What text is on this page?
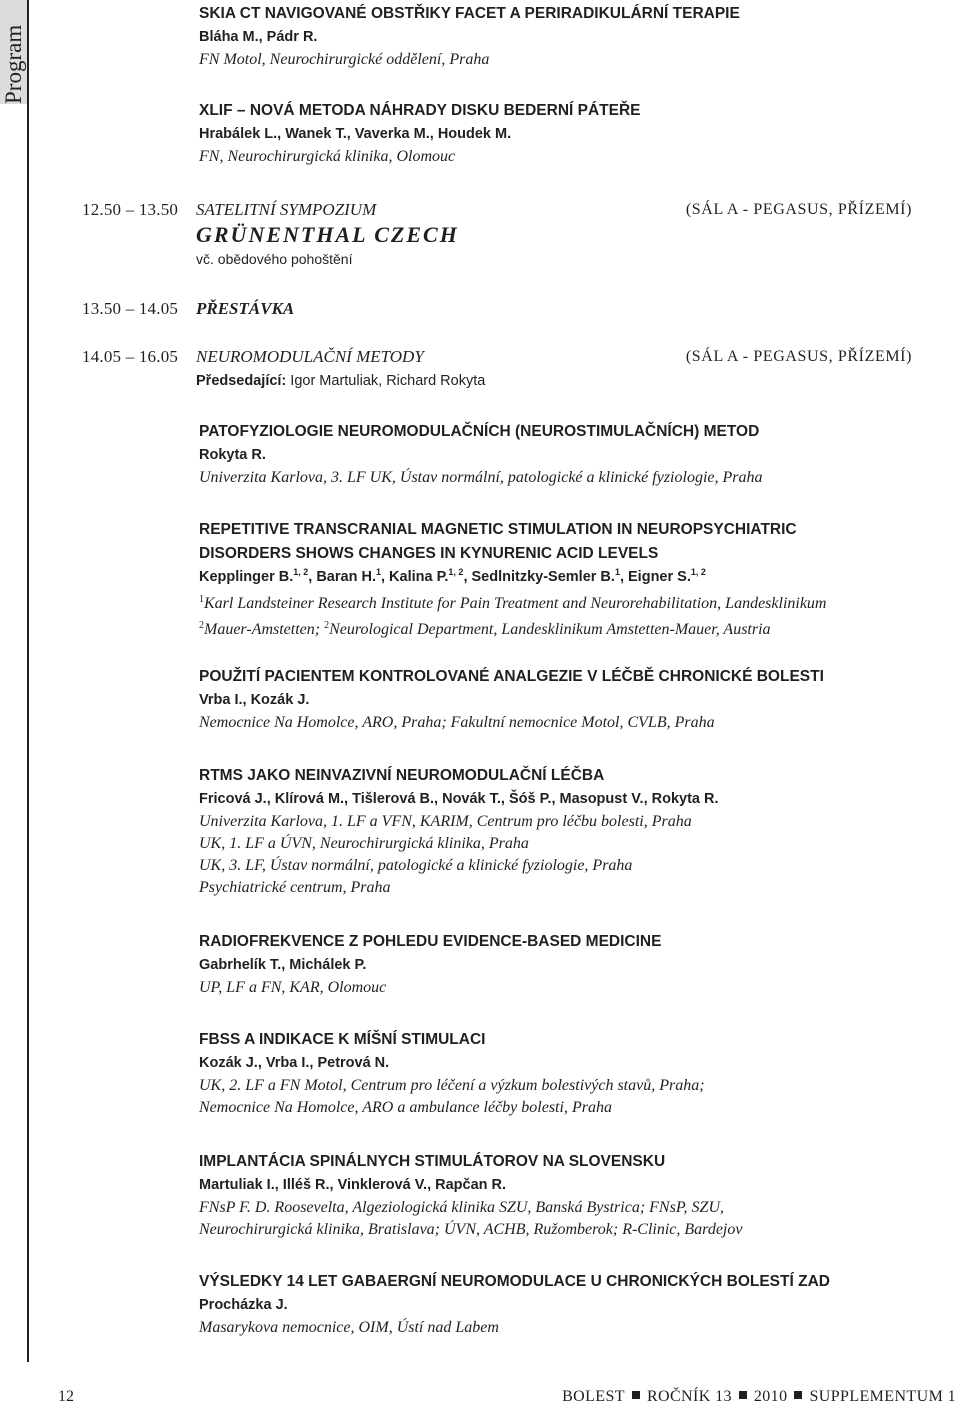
Program
SKIA CT NAVIGOVANÉ OBSTŘIKY FACET A PERIRADIKULÁRNÍ TERAPIE
Bláha M., Pádr R.
FN Motol, Neurochirurgické oddělení, Praha
XLIF – NOVÁ METODA NÁHRADY DISKU BEDERNÍ PÁTEŘE
Hrabálek L., Wanek T., Vaverka M., Houdek M.
FN, Neurochirurgická klinika, Olomouc
12.50 – 13.50 SATELITNÍ SYMPOZIUM	(SÁL A - PEGASUS, PŘÍZEMÍ)
GRÜNENTHAL CZECH
vč. obědového pohoštění
13.50 – 14.05 PŘESTÁVKA
14.05 – 16.05 NEUROMODULAČNÍ METODY	(SÁL A - PEGASUS, PŘÍZEMÍ)
Předsedající: Igor Martuliak, Richard Rokyta
PATOFYZIOLOGIE NEUROMODULAČNÍCH (NEUROSTIMULAČNÍCH) METOD
Rokyta R.
Univerzita Karlova, 3. LF UK, Ústav normální, patologické a klinické fyziologie, Praha
REPETITIVE TRANSCRANIAL MAGNETIC STIMULATION IN NEUROPSYCHIATRIC
DISORDERS SHOWS CHANGES IN KYNURENIC ACID LEVELS
Kepplinger B.$^{1, 2}$, Baran H.$^1$, Kalina P.$^{1, 2}$, Sedlnitzky-Semler B.$^1$, Eigner S.$^{1, 2}$
$^1$Karl Landsteiner Research Institute for Pain Treatment and Neurorehabilitation, Landesklinikum
$^2$Mauer-Amstetten; $^2$Neurological Department, Landesklinikum Amstetten-Mauer, Austria
POUŽITÍ PACIENTEM KONTROLOVANÉ ANALGEZIE V LÉČBĚ CHRONICKÉ BOLESTI
Vrba I., Kozák J.
Nemocnice Na Homolce, ARO, Praha; Fakultní nemocnice Motol, CVLB, Praha
RTMS JAKO NEINVAZIVNÍ NEUROMODULAČNÍ LÉČBA
Fricová J., Klírová M., Tišlerová B., Novák T., Šóš P., Masopust V., Rokyta R.
Univerzita Karlova, 1. LF a VFN, KARIM, Centrum pro léčbu bolesti, Praha
UK, 1. LF a ÚVN, Neurochirurgická klinika, Praha
UK, 3. LF, Ústav normální, patologické a klinické fyziologie, Praha
Psychiatrické centrum, Praha
RADIOFREKVENCE Z POHLEDU EVIDENCE-BASED MEDICINE
Gabrhelík T., Michálek P.
UP, LF a FN, KAR, Olomouc
FBSS A INDIKACE K MÍŠNÍ STIMULACI
Kozák J., Vrba I., Petrová N.
UK, 2. LF a FN Motol, Centrum pro léčení a výzkum bolestivých stavů, Praha;
Nemocnice Na Homolce, ARO a ambulance léčby bolesti, Praha
IMPLANTÁCIA SPINÁLNYCH STIMULÁTOROV NA SLOVENSKU
Martuliak I., Illéš R., Vinklerová V., Rapčan R.
FNsP F. D. Roosevelta, Algeziologická klinika SZU, Banská Bystrica; FNsP, SZU,
Neurochirurgická klinika, Bratislava; ÚVN, ACHB, Ružomberok; R-Clinic, Bardejov
VÝSLEDKY 14 LET GABAERGNÍ NEUROMODULACE U CHRONICKÝCH BOLESTÍ ZAD
Procházka J.
Masarykova nemocnice, OIM, Ústí nad Labem
12	BOLEST ROČNÍK 13 2010 SUPPLEMENTUM 1
